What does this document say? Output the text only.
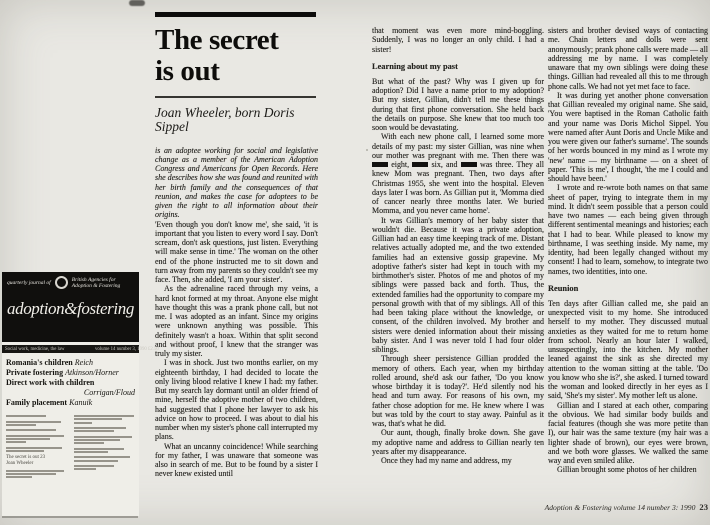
The secret
is out
Joan Wheeler, born Doris Sippel

is an adoptee working for social and legislative change as a member of the American Adoption Congress and Americans for Open Records. Here she describes how she was found and reunited with her birth family and the consequences of that reunion, and makes the case for adoptees to be given the right to all information about their origins.

'Even though you don't know me', she said, 'it is important that you listen to every word I say. Don't scream, don't ask questions, just listen. Everything will make sense in time.' The woman on the other end of the phone instructed me to sit down and turn away from my parents so they couldn't see my face. Then, she added, 'I am your sister'.

As the adrenaline raced through my veins, a hard knot formed at my throat. Anyone else might have thought this was a prank phone call, but not me. I was adopted as an infant. Since my origins were unknown anything was possible. This definitely wasn't a hoax. Within that split second and without proof, I knew that the stranger was truly my sister.

I was in shock. Just two months earlier, on my eighteenth birthday, I had decided to locate the only living blood relative I knew I had: my father. But my search lay dormant until an older friend of mine, herself the adoptive mother of two children, had suggested that I phone her lawyer to ask his advice on how to proceed. I was about to dial his number when my sister's phone call interrupted my plans.

What an uncanny coincidence! While searching for my father, I was unaware that someone was also in search of me. But to be found by a sister I never knew existed until

that moment was even more mind-boggling. Suddenly, I was no longer an only child. I had a sister!

Learning about my past

But what of the past? Why was I given up for adoption? Did I have a name prior to my adoption? But my sister, Gillian, didn't tell me these things during that first phone conversation. She held back the details on purpose. She knew that too much too soon would be devastating.

With each new phone call, I learned some more details of my past: my sister Gillian, was nine when our mother was pregnant with me. Then there was  eight,	six, and	was three. They all knew Mom was pregnant. Then, two days after Christmas 1955, she went into the hospital. Eleven days later I was born. As Gillian put it, 'Momma died of cancer nearly three months later. We buried Momma, and you never came home'.

It was Gillian's memory of her baby sister that wouldn't die. Because it was a private adoption, Gillian had an easy time keeping track of me. Distant relatives actually adopted me, and the two extended families had an extensive gossip grapevine. My adoptive father's sister had kept in touch with my birthmother's sister. Photos of me and photos of my siblings were passed back and forth. Thus, the extended families had the opportunity to compare my personal growth with that of my siblings. All of this had been taking place without the knowledge, or consent, of the children involved. My brother and sisters were denied information about their missing baby sister. And I was never told I had four older siblings.

Through sheer persistence Gillian prodded the memory of others. Each year, when my birthday rolled around, she'd ask our father, 'Do you know whose birthday it is today?'. He'd silently nod his head and turn away. For reasons of his own, my father chose adoption for me. He knew where I was but was told by the court to stay away. Painful as it was, that's what he did.

Our aunt, though, finally broke down. She gave my adoptive name and address to Gillian nearly ten years after my disappearance.

Once they had my name and address, my

sisters and brother devised ways of contacting me. Chain letters and dolls were sent anonymously; prank phone calls were made — all addressing me by name. I was completely unaware that my own siblings were doing these things. Gillian had revealed all this to me through phone calls. We had not yet met face to face.

It was during yet another phone conversation that Gillian revealed my original name. She said, 'You were baptised in the Roman Catholic faith and your name was Doris Michol Sippel. You were named after Aunt Doris and Uncle Mike and you were given our father's surname'. The sounds of her words bounced in my mind as I wrote my 'new' name — my birthname — on a sheet of paper. 'This is me', I thought, 'the me I could and should have been.'

I wrote and re-wrote both names on that same sheet of paper, trying to integrate them in my mind. It didn't seem possible that a person could have two names — each being given through different sentimental meanings and histories; each that I had to bear. While pleased to know my birthname, I was seething inside. My name, my identity, had been legally changed without my consent! I had to learn, somehow, to integrate two names, two identities, into one.

Reunion

Ten days after Gillian called me, she paid an unexpected visit to my home. She introduced herself to my mother. They discussed mutual anxieties as they waited for me to return home from school. Nearly an hour later I walked, unsuspectingly, into the kitchen. My mother leaned against the sink as she directed my attention to the woman sitting at the table. 'Do you know who she is?', she asked. I turned toward the woman and looked directly in her eyes as I said, 'She's my sister'. My mother left us alone.

Gillian and I stared at each other, comparing the obvious. We had similar body builds and facial features (though she was more petite than I), our hair was the same texture (my hair was a lighter shade of brown), our eyes were brown, and we both wore glasses. We walked the same way and even smiled alike.

Gillian brought some photos of her children

Adoption & Fostering volume 14 number 3: 1990 23
quarterly journal of	British Agencies for
Adoption & Fostering
adoption&fostering
Social work, medicine, the law	volume 14 number 3, 1990 £2.50
Romania's children Reich
Private fostering Atkinson/Horner
Direct work with children
Corrigan/Floud
Family placement Kanuik
The secret is out 23
Joan Wheeler
